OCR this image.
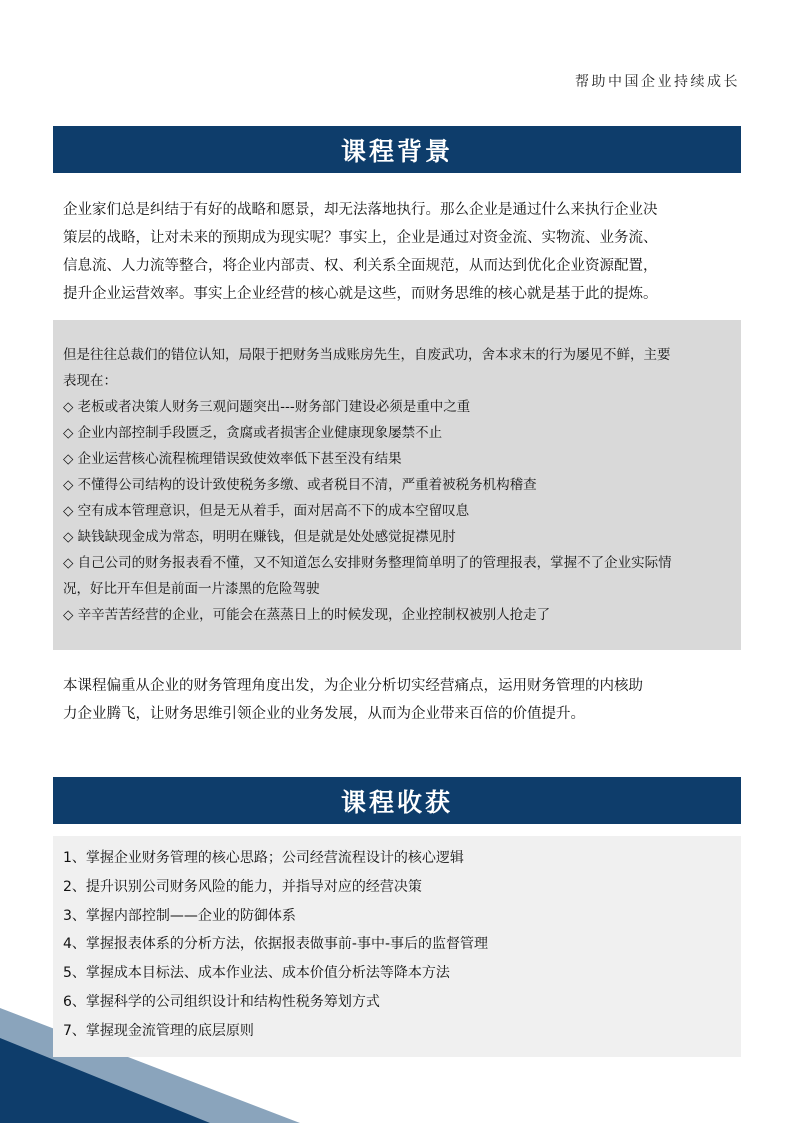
帮助中国企业持续成长
课程背景
企业家们总是纠结于有好的战略和愿景，却无法落地执行。那么企业是通过什么来执行企业决
策层的战略，让对未来的预期成为现实呢？事实上，企业是通过对资金流、实物流、业务流、
信息流、人力流等整合，将企业内部责、权、利关系全面规范，从而达到优化企业资源配置，
提升企业运营效率。事实上企业经营的核心就是这些，而财务思维的核心就是基于此的提炼。
但是往往总裁们的错位认知，局限于把财务当成账房先生，自废武功，舍本求末的行为屡见不鲜，主要
表现在：
◇ 老板或者决策人财务三观问题突出---财务部门建设必须是重中之重
◇ 企业内部控制手段匮乏，贪腐或者损害企业健康现象屡禁不止
◇ 企业运营核心流程梳理错误致使效率低下甚至没有结果
◇ 不懂得公司结构的设计致使税务多缴、或者税目不清，严重着被税务机构稽查
◇ 空有成本管理意识，但是无从着手，面对居高不下的成本空留叹息
◇ 缺钱缺现金成为常态，明明在赚钱，但是就是处处感觉捉襟见肘
◇ 自己公司的财务报表看不懂，又不知道怎么安排财务整理简单明了的管理报表，掌握不了企业实际情
况，好比开车但是前面一片漆黑的危险驾驶
◇ 辛辛苦苦经营的企业，可能会在蒸蒸日上的时候发现，企业控制权被别人抢走了
本课程偏重从企业的财务管理角度出发，为企业分析切实经营痛点，运用财务管理的内核助
力企业腾飞，让财务思维引领企业的业务发展，从而为企业带来百倍的价值提升。
课程收获
1、掌握企业财务管理的核心思路；公司经营流程设计的核心逻辑
2、提升识别公司财务风险的能力，并指导对应的经营决策
3、掌握内部控制——企业的防御体系
4、掌握报表体系的分析方法，依据报表做事前-事中-事后的监督管理
5、掌握成本目标法、成本作业法、成本价值分析法等降本方法
6、掌握科学的公司组织设计和结构性税务筹划方式
7、掌握现金流管理的底层原则
